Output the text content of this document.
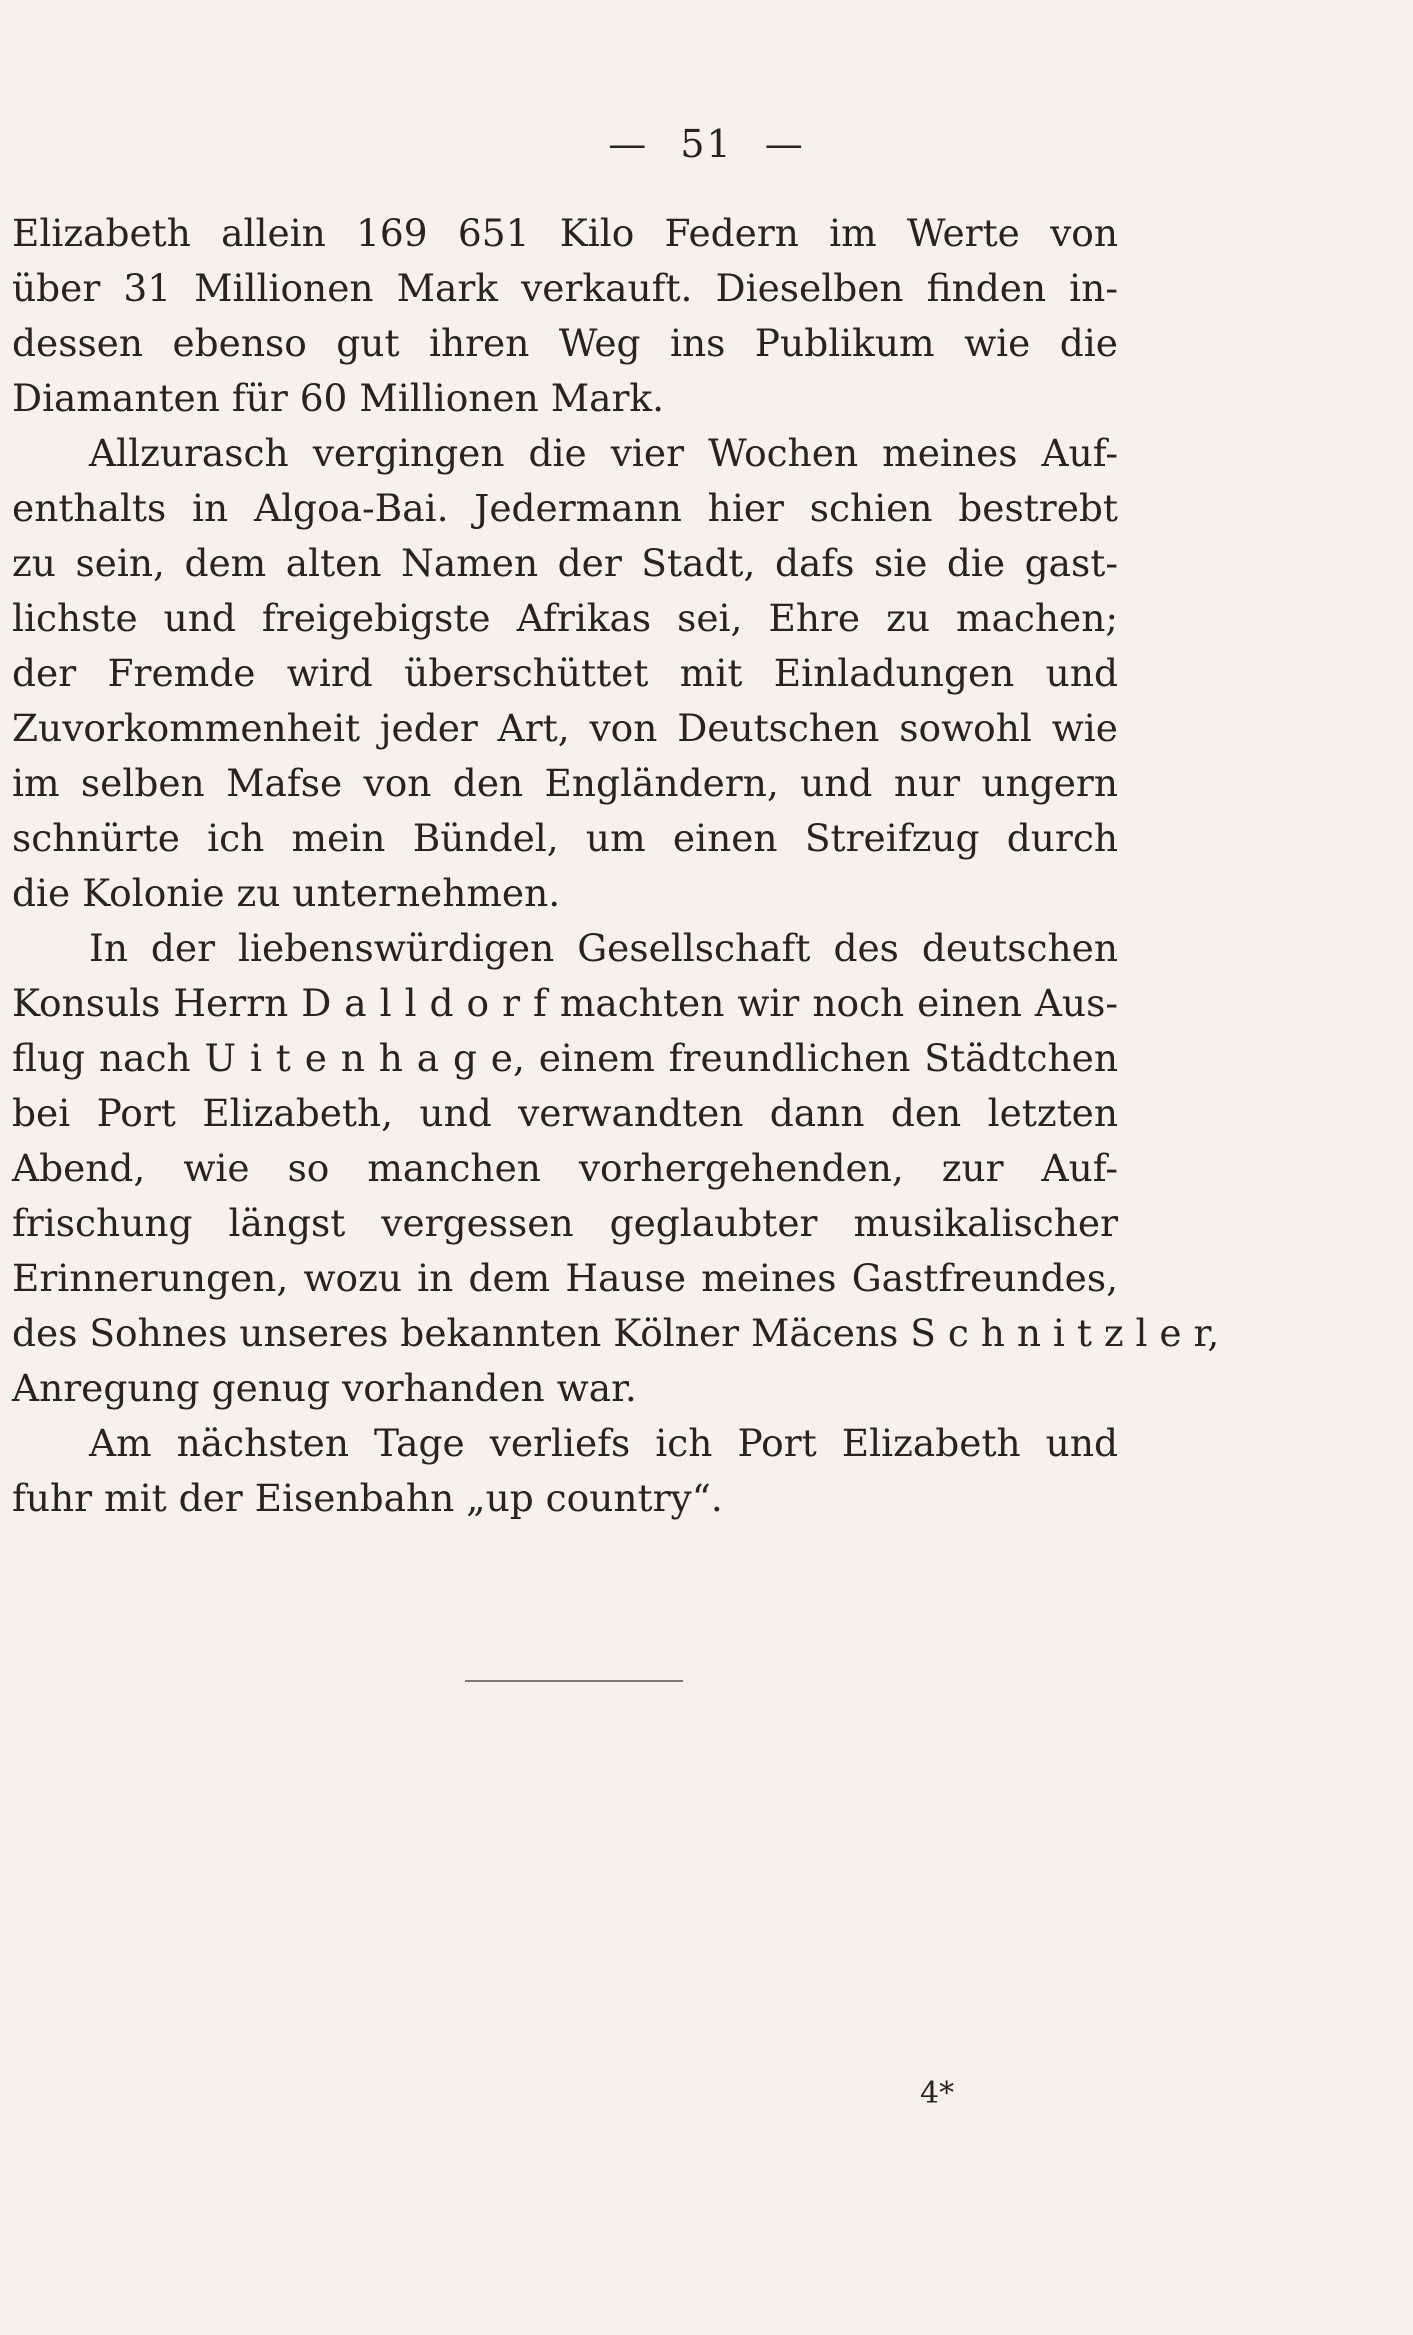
— 51 —
Elizabeth allein 169 651 Kilo Federn im Werte von
über 31 Millionen Mark verkauft. Dieselben finden in-
dessen ebenso gut ihren Weg ins Publikum wie die
Diamanten für 60 Millionen Mark.
Allzurasch vergingen die vier Wochen meines Auf-
enthalts in Algoa-Bai. Jedermann hier schien bestrebt
zu sein, dem alten Namen der Stadt, dafs sie die gast-
lichste und freigebigste Afrikas sei, Ehre zu machen;
der Fremde wird überschüttet mit Einladungen und
Zuvorkommenheit jeder Art, von Deutschen sowohl wie
im selben Mafse von den Engländern, und nur ungern
schnürte ich mein Bündel, um einen Streifzug durch
die Kolonie zu unternehmen.
In der liebenswürdigen Gesellschaft des deutschen
Konsuls Herrn D a l l d o r f machten wir noch einen Aus-
flug nach U i t e n h a g e, einem freundlichen Städtchen
bei Port Elizabeth, und verwandten dann den letzten
Abend, wie so manchen vorhergehenden, zur Auf-
frischung längst vergessen geglaubter musikalischer
Erinnerungen, wozu in dem Hause meines Gastfreundes,
des Sohnes unseres bekannten Kölner Mäcens S c h n i t z l e r,
Anregung genug vorhanden war.
Am nächsten Tage verliefs ich Port Elizabeth und
fuhr mit der Eisenbahn „up country“.
4*
